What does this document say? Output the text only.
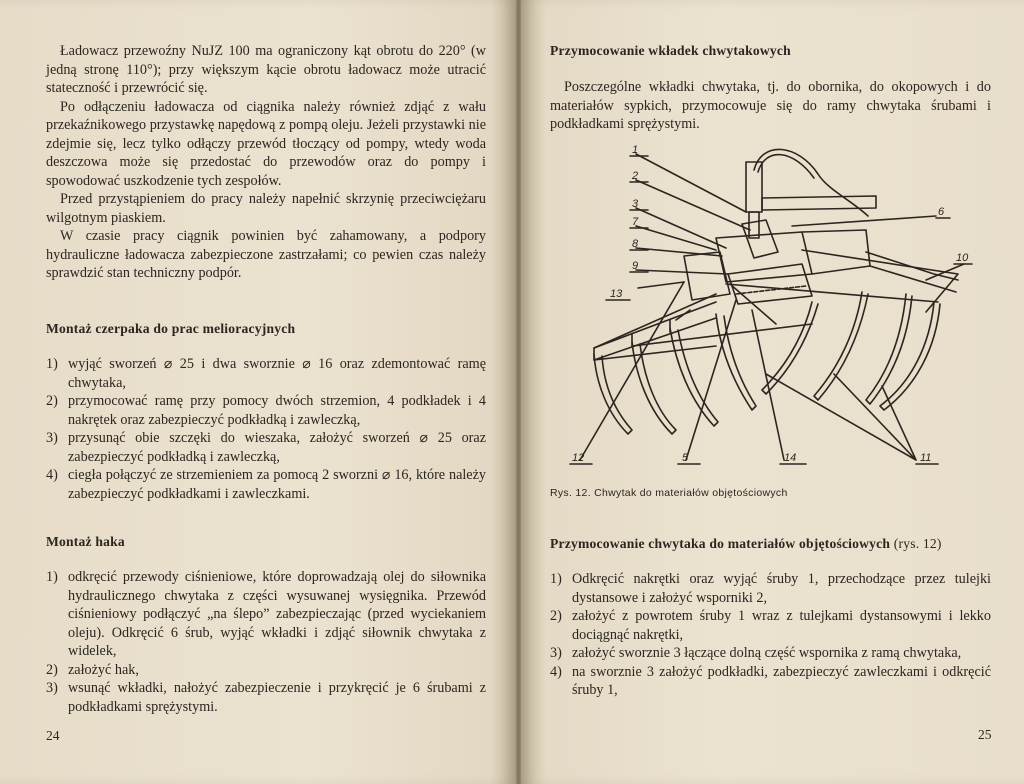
Ładowacz przewoźny NuJZ 100 ma ograniczony kąt obrotu do 220° (w jedną stronę 110°); przy większym kącie obrotu ładowacz może utracić stateczność i przewrócić się.

Po odłączeniu ładowacza od ciągnika należy również zdjąć z wału przekaźnikowego przystawkę napędową z pompą oleju. Jeżeli przystawki nie zdejmie się, lecz tylko odłączy przewód tłoczący od pompy, wtedy woda deszczowa może się przedostać do przewodów oraz do pompy i spowodować uszkodzenie tych zespołów.

Przed przystąpieniem do pracy należy napełnić skrzynię przeciwciężaru wilgotnym piaskiem.

W czasie pracy ciągnik powinien być zahamowany, a podpory hydrauliczne ładowacza zabezpieczone zastrzałami; co pewien czas należy sprawdzić stan techniczny podpór.

Montaż czerpaka do prac melioracyjnych
1) wyjąć sworzeń ⌀ 25 i dwa sworznie ⌀ 16 oraz zdemontować ramę chwytaka,
2) przymocować ramę przy pomocy dwóch strzemion, 4 podkładek i 4 nakrętek oraz zabezpieczyć podkładką i zawleczką,
3) przysunąć obie szczęki do wieszaka, założyć sworzeń ⌀ 25 oraz zabezpieczyć podkładką i zawleczką,
4) ciegła połączyć ze strzemieniem za pomocą 2 sworzni ⌀ 16, które należy zabezpieczyć podkładkami i zawleczkami.
Montaż haka
1) odkręcić przewody ciśnieniowe, które doprowadzają olej do siłownika hydraulicznego chwytaka z części wysuwanej wysięgnika. Przewód ciśnieniowy podłączyć „na ślepo” zabezpieczając (przed wyciekaniem oleju). Odkręcić 6 śrub, wyjąć wkładki i zdjąć siłownik chwytaka z widelek,
2) założyć hak,
3) wsunąć wkładki, nałożyć zabezpieczenie i przykręcić je 6 śrubami z podkładkami sprężystymi.
24
Przymocowanie wkładek chwytakowych
Poszczególne wkładki chwytaka, tj. do obornika, do okopowych i do materiałów sypkich, przymocowuje się do ramy chwytaka śrubami i podkładkami sprężystymi.
Rys. 12. Chwytak do materiałów objętościowych
Przymocowanie chwytaka do materiałów objętościowych (rys. 12)
1) Odkręcić nakrętki oraz wyjąć śruby 1, przechodzące przez tulejki dystansowe i założyć wsporniki 2,
2) założyć z powrotem śruby 1 wraz z tulejkami dystansowymi i lekko dociągnąć nakrętki,
3) założyć sworznie 3 łączące dolną część wspornika z ramą chwytaka,
4) na sworznie 3 założyć podkładki, zabezpieczyć zawleczkami i odkręcić śruby 1,
25
1
2
3
7
8
9
13
6
10
12	5	14	11
